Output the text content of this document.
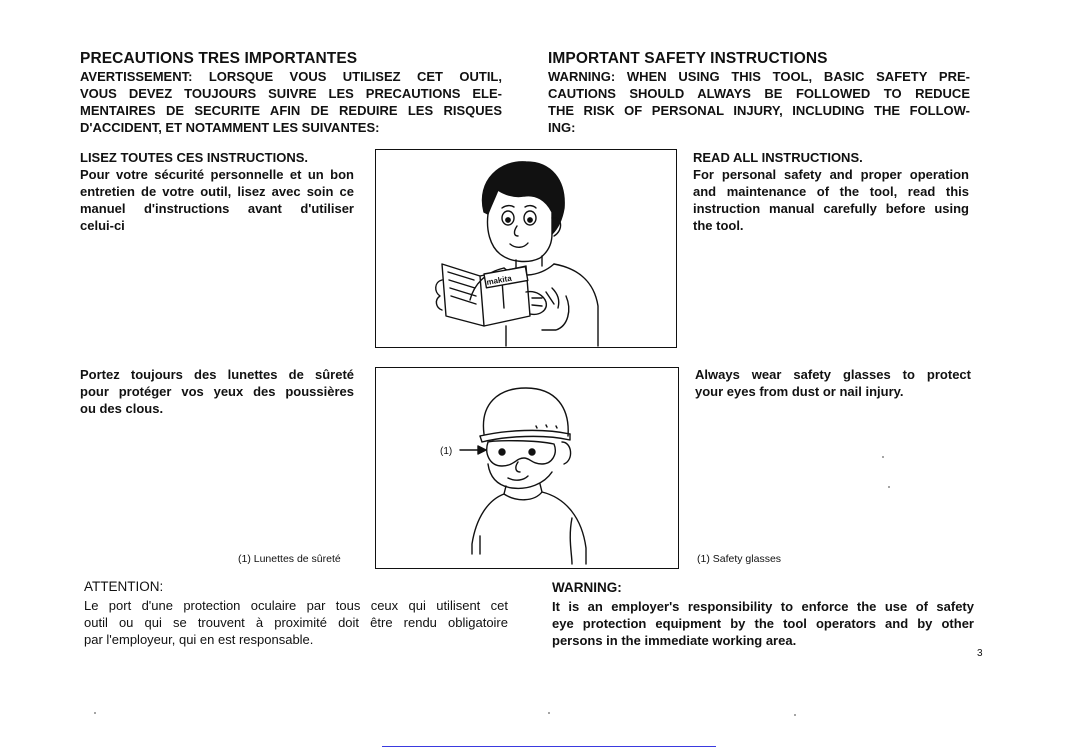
PRECAUTIONS TRES IMPORTANTES
AVERTISSEMENT: LORSQUE VOUS UTILISEZ CET OUTIL,
VOUS DEVEZ TOUJOURS SUIVRE LES PRECAUTIONS ELE-
MENTAIRES DE SECURITE AFIN DE REDUIRE LES RISQUES
D'ACCIDENT, ET NOTAMMENT LES SUIVANTES:
LISEZ TOUTES CES INSTRUCTIONS.
Pour votre sécurité personnelle et un bon
entretien de votre outil, lisez avec soin ce
manuel d'instructions avant d'utiliser
celui-ci
Portez toujours des lunettes de sûreté
pour protéger vos yeux des poussières
ou des clous.
(1) Lunettes de sûreté
ATTENTION:
Le port d'une protection oculaire par tous ceux qui utilisent cet
outil ou qui se trouvent à proximité doit être rendu obligatoire
par l'employeur, qui en est responsable.
IMPORTANT SAFETY INSTRUCTIONS
WARNING: WHEN USING THIS TOOL, BASIC SAFETY PRE-
CAUTIONS SHOULD ALWAYS BE FOLLOWED TO REDUCE
THE RISK OF PERSONAL INJURY, INCLUDING THE FOLLOW-
ING:
READ ALL INSTRUCTIONS.
For personal safety and proper operation
and maintenance of the tool, read this
instruction manual carefully before using
the tool.
Always wear safety glasses to protect
your eyes from dust or nail injury.
(1) Safety glasses
WARNING:
It is an employer's responsibility to enforce the use of safety
eye protection equipment by the tool operators and by other
persons in the immediate working area.
3
makita
(1)
